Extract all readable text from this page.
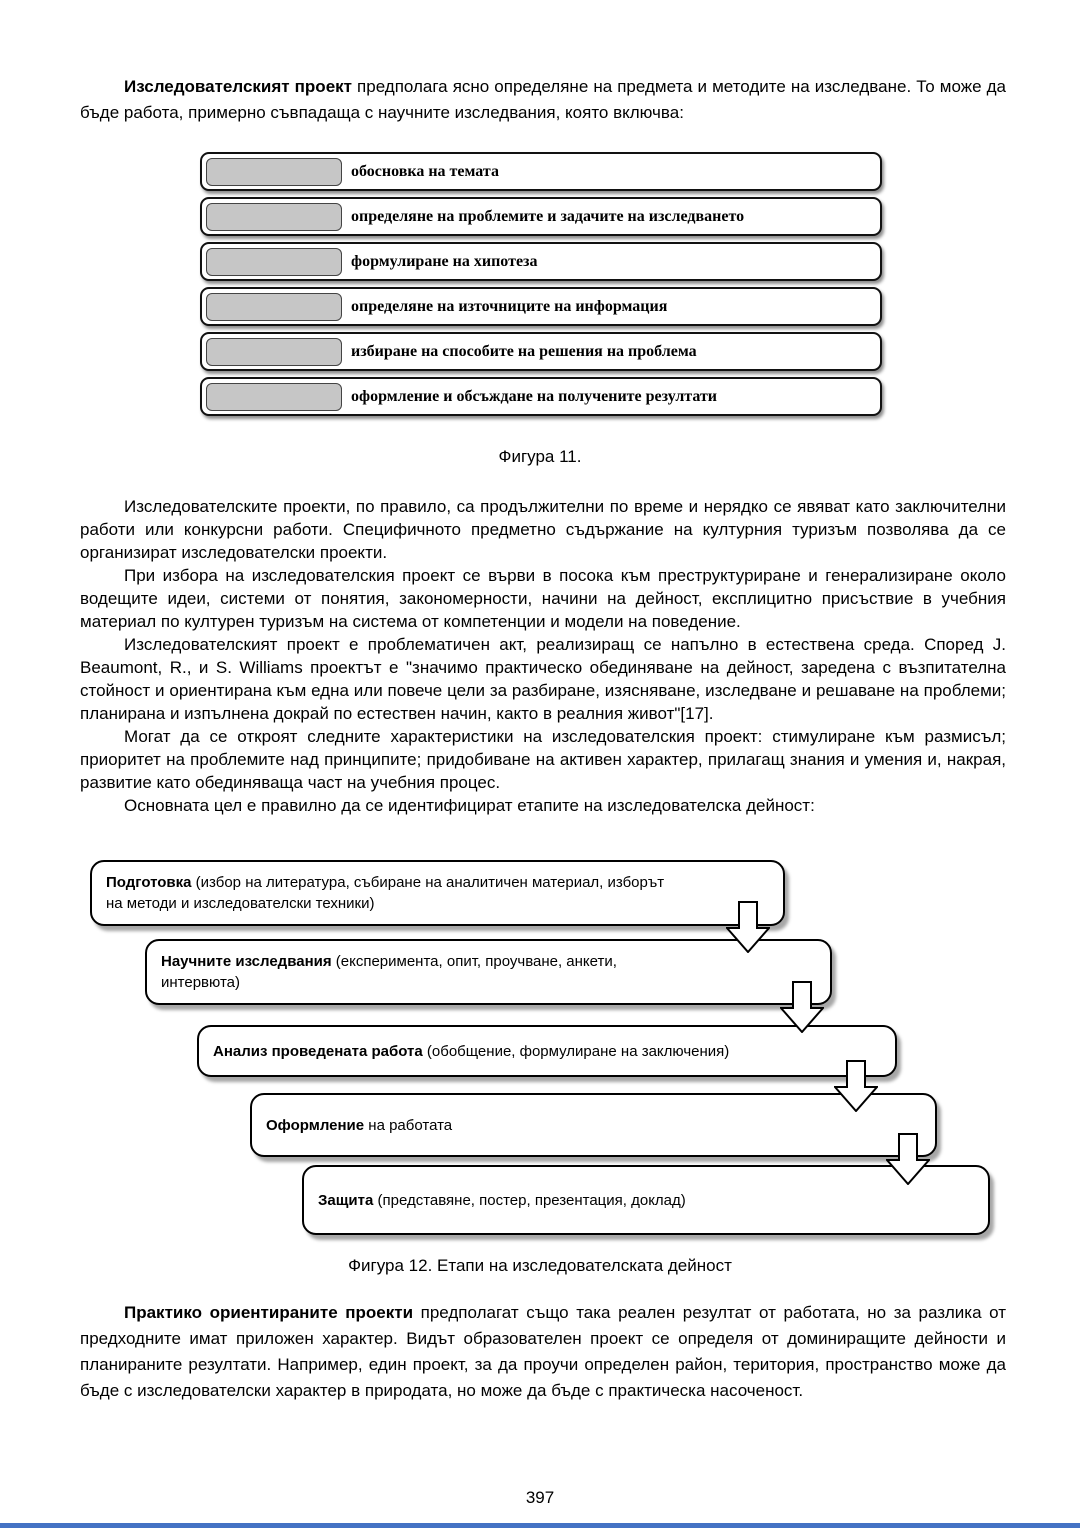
Изследователският проект предполага ясно определяне на предмета и методите на изследване. То може да бъде работа, примерно съвпадаща с научните изследвания, която включва:

обосновка на темата
определяне на проблемите и задачите на изследването
формулиране на хипотеза
определяне на източниците на информация
избиране на способите на решения на проблема
оформление и обсъждане на получените резултати

Фигура 11.

Изследователските проекти, по правило, са продължителни по време и нерядко се явяват като заключителни работи или конкурсни работи. Специфичното предметно съдържание на културния туризъм позволява да се организират изследователски проекти.

При избора на изследователския проект се върви в посока към преструктуриране и генерализиране около водещите идеи, системи от понятия, закономерности, начини на дейност, експлицитно присъствие в учебния материал по културен туризъм на система от компетенции и модели на поведение.

Изследователският проект е проблематичен акт, реализиращ се напълно в естествена среда. Според J. Beaumont, R., и S. Williams проектът е "значимо практическо обединяване на дейност, заредена с възпитателна стойност и ориентирана към една или повече цели за разбиране, изясняване, изследване и решаване на проблеми; планирана и изпълнена докрай по естествен начин, както в реалния живот"[17].

Могат да се откроят следните характеристики на изследователския проект: стимулиране към размисъл; приоритет на проблемите над принципите; придобиване на активен характер, прилагащ знания и умения и, накрая, развитие като обединяваща част на учебния процес.

Основната цел е правилно да се идентифицират етапите на изследователска дейност:

Подготовка (избор на литература, събиране на аналитичен материал, изборът на методи и изследователски техники)
Научните изследвания (експеримента, опит, проучване, анкети, интервюта)
Анализ проведената работа (обобщение, формулиране на заключения)
Оформление на работата
Защита (представяне, постер, презентация, доклад)

Фигура 12. Етапи на изследователската дейност

Практико ориентираните проекти предполагат също така реален резултат от работата, но за разлика от предходните имат приложен характер. Видът образователен проект се определя от доминиращите дейности и планираните резултати. Например, един проект, за да проучи определен район, територия, пространство може да бъде с изследователски характер в природата, но може да бъде с практическа насоченост.

397
